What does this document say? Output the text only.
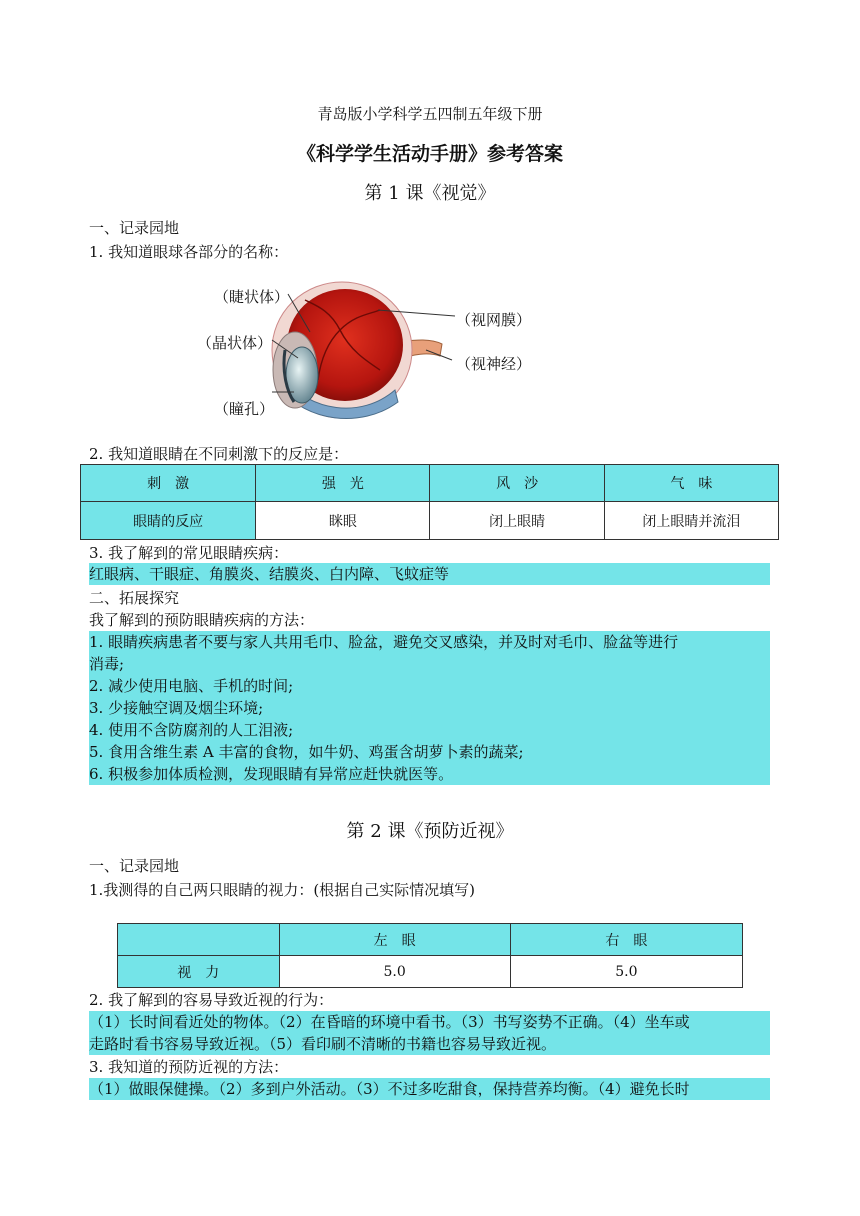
青岛版小学科学五四制五年级下册
《科学学生活动手册》参考答案
第 1 课《视觉》
一、记录园地
1. 我知道眼球各部分的名称：
（睫状体）
（晶状体）
（瞳孔）
（视网膜）
（视神经）
2. 我知道眼睛在不同刺激下的反应是：
刺　激	强　光	风　沙	气　味
眼睛的反应	眯眼	闭上眼睛	闭上眼睛并流泪
3. 我了解到的常见眼睛疾病：
红眼病、干眼症、角膜炎、结膜炎、白内障、飞蚊症等
二、拓展探究
我了解到的预防眼睛疾病的方法：
1. 眼睛疾病患者不要与家人共用毛巾、脸盆，避免交叉感染，并及时对毛巾、脸盆等进行
消毒;
2. 减少使用电脑、手机的时间;
3. 少接触空调及烟尘环境;
4. 使用不含防腐剂的人工泪液;
5. 食用含维生素 A 丰富的食物，如牛奶、鸡蛋含胡萝卜素的蔬菜;
6. 积极参加体质检测，发现眼睛有异常应赶快就医等。
第 2 课《预防近视》
一、记录园地
1.我测得的自己两只眼睛的视力：(根据自己实际情况填写)
	左　眼	右　眼
视　力	5.0	5.0
2. 我了解到的容易导致近视的行为：
（1）长时间看近处的物体。（2）在昏暗的环境中看书。（3）书写姿势不正确。（4）坐车或
走路时看书容易导致近视。（5）看印刷不清晰的书籍也容易导致近视。
3. 我知道的预防近视的方法：
（1）做眼保健操。（2）多到户外活动。（3）不过多吃甜食，保持营养均衡。（4）避免长时
